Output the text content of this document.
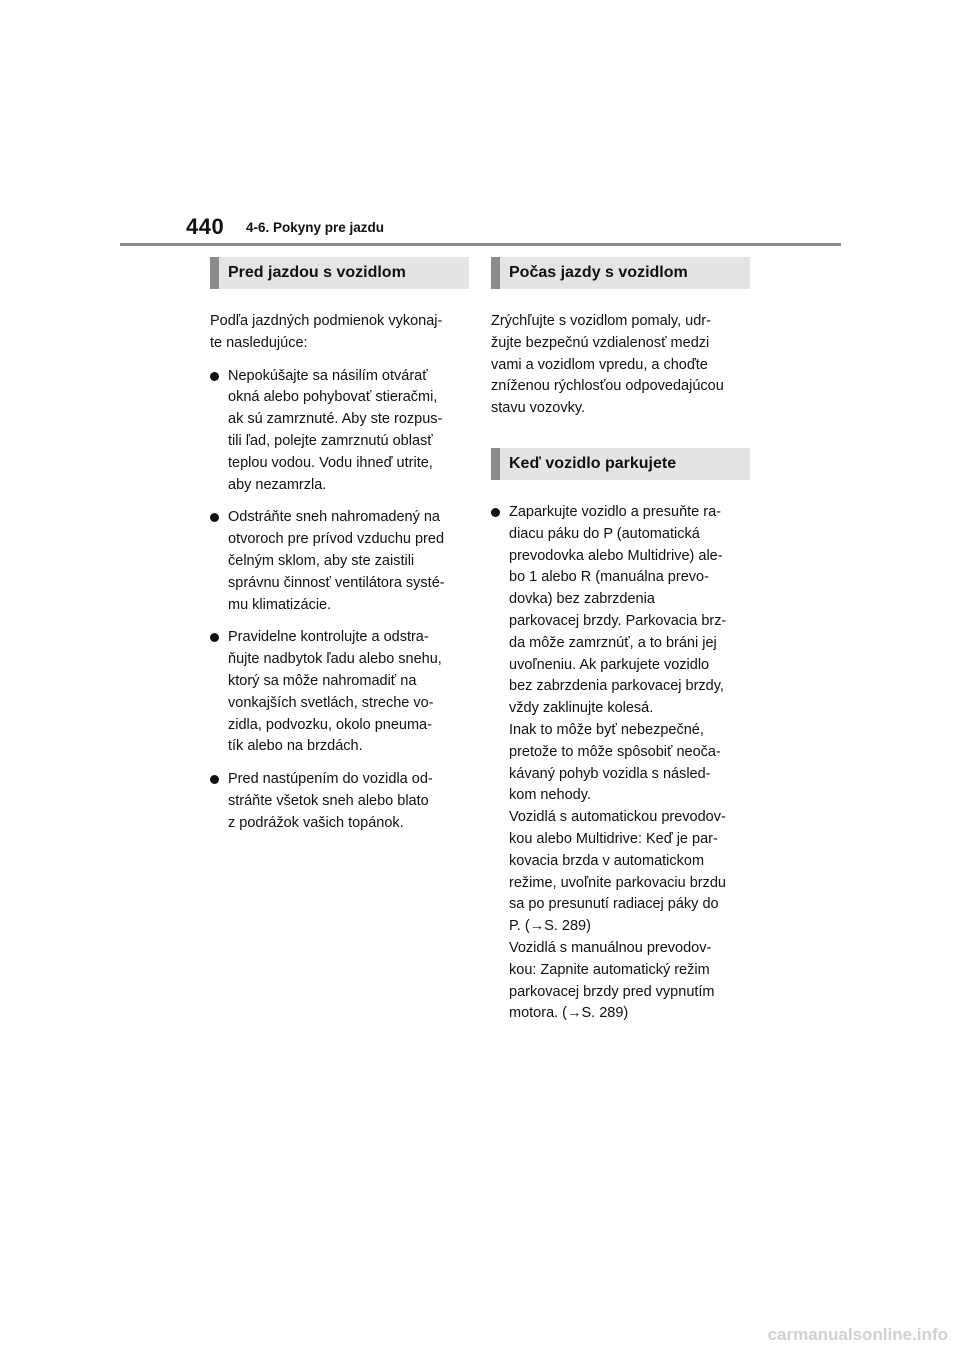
440 4-6. Pokyny pre jazdu
Pred jazdou s vozidlom

Podľa jazdných podmienok vykonaj-
te nasledujúce:

Nepokúšajte sa násilím otvárať
okná alebo pohybovať stieračmi,
ak sú zamrznuté. Aby ste rozpus-
tili ľad, polejte zamrznutú oblasť
teplou vodou. Vodu ihneď utrite,
aby nezamrzla.
Odstráňte sneh nahromadený na
otvoroch pre prívod vzduchu pred
čelným sklom, aby ste zaistili
správnu činnosť ventilátora systé-
mu klimatizácie.
Pravidelne kontrolujte a odstra-
ňujte nadbytok ľadu alebo snehu,
ktorý sa môže nahromadiť na
vonkajších svetlách, streche vo-
zidla, podvozku, okolo pneuma-
tík alebo na brzdách.
Pred nastúpením do vozidla od-
stráňte všetok sneh alebo blato
z podrážok vašich topánok.
Počas jazdy s vozidlom

Zrýchľujte s vozidlom pomaly, udr-
žujte bezpečnú vzdialenosť medzi
vami a vozidlom vpredu, a choďte
zníženou rýchlosťou odpovedajúcou
stavu vozovky.

Keď vozidlo parkujete
Zaparkujte vozidlo a presuňte ra-
diacu páku do P (automatická
prevodovka alebo Multidrive) ale-
bo 1 alebo R (manuálna prevo-
dovka) bez zabrzdenia
parkovacej brzdy. Parkovacia brz-
da môže zamrznúť, a to bráni jej
uvoľneniu. Ak parkujete vozidlo
bez zabrzdenia parkovacej brzdy,
vždy zaklinujte kolesá.
Inak to môže byť nebezpečné,
pretože to môže spôsobiť neoča-
kávaný pohyb vozidla s násled-
kom nehody.
Vozidlá s automatickou prevodov-
kou alebo Multidrive: Keď je par-
kovacia brzda v automatickom
režime, uvoľnite parkovaciu brzdu
sa po presunutí radiacej páky do
P. (→S. 289)
Vozidlá s manuálnou prevodov-
kou: Zapnite automatický režim
parkovacej brzdy pred vypnutím
motora. (→S. 289)
carmanualsonline.info
